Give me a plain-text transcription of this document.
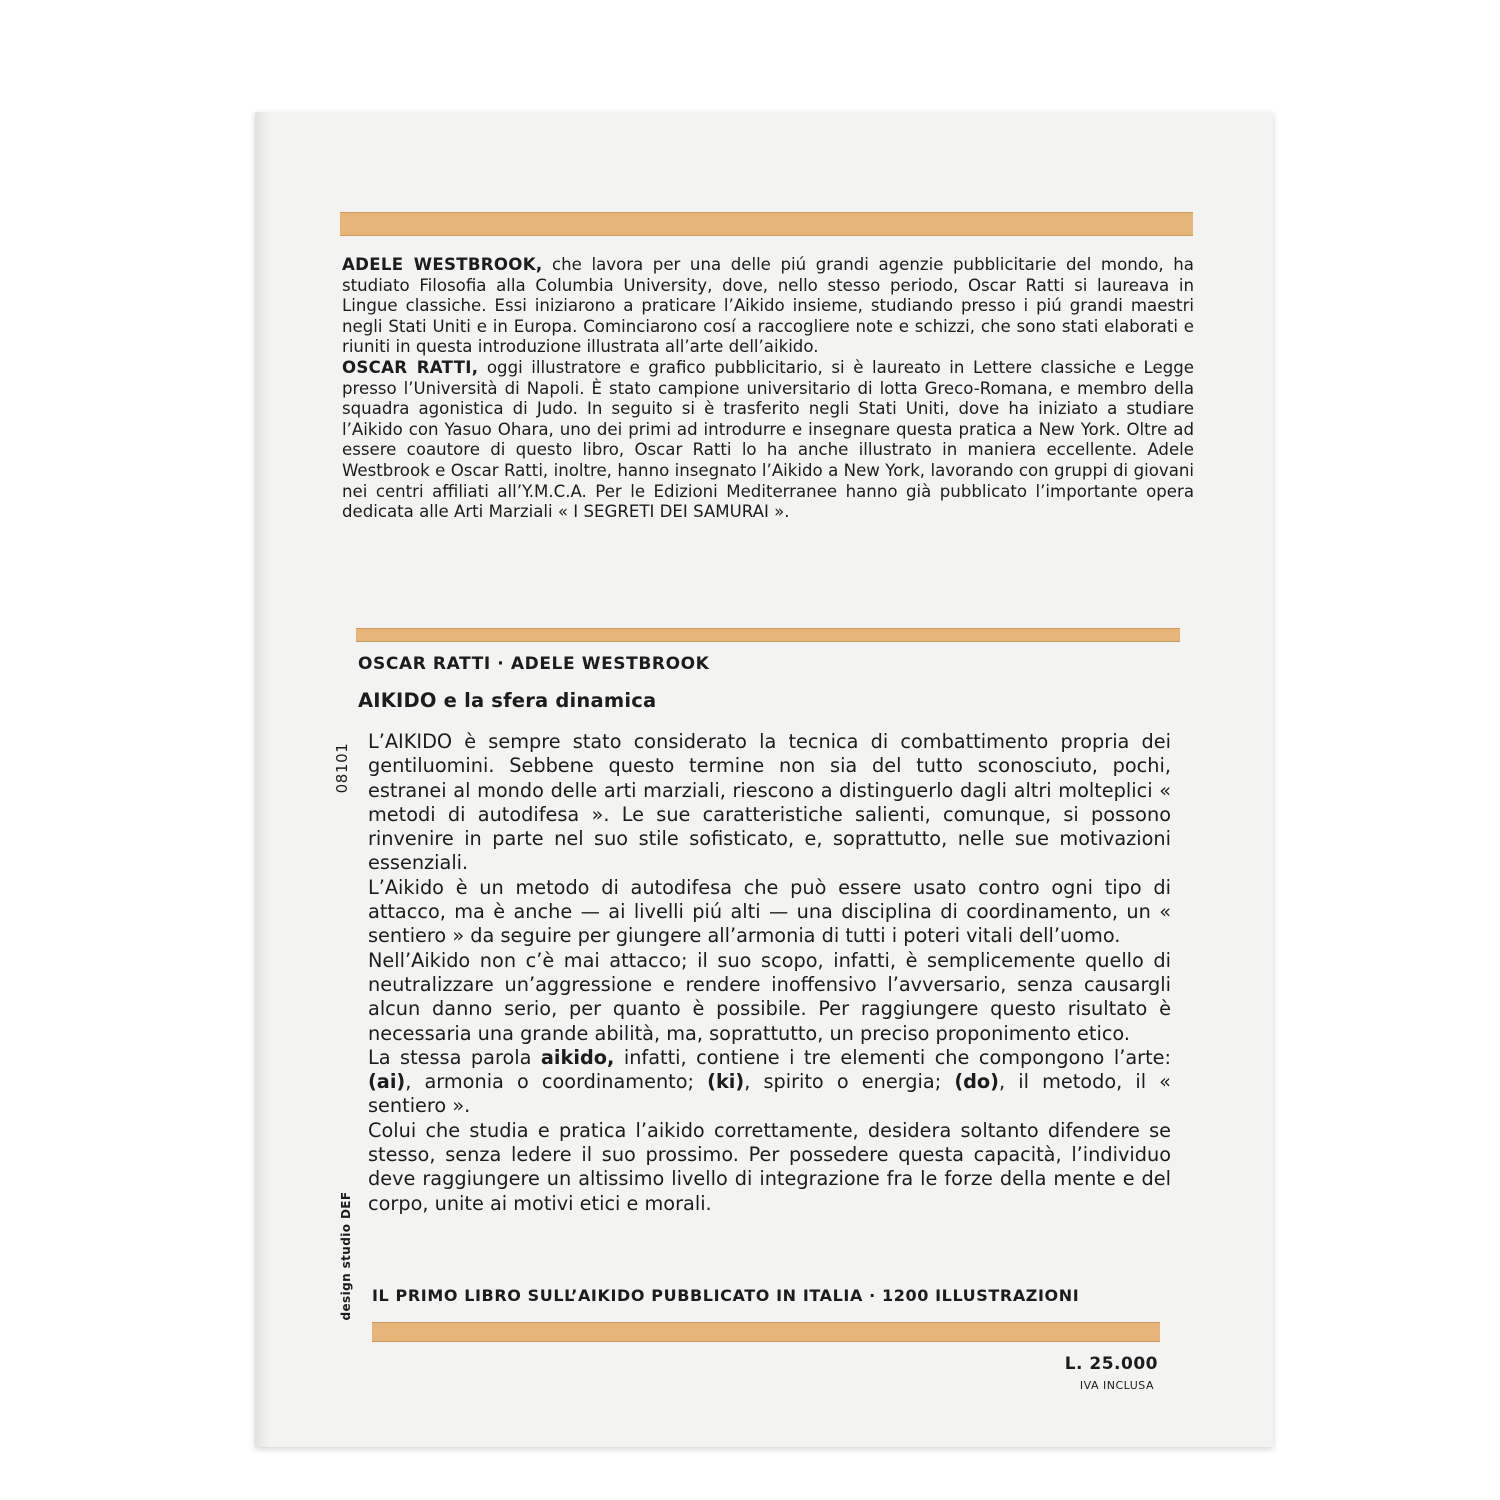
ADELE WESTBROOK, che lavora per una delle piú grandi agenzie pubblicitarie del mondo, ha studiato Filosofia alla Columbia University, dove, nello stesso periodo, Oscar Ratti si laureava in Lingue classiche. Essi iniziarono a praticare l’Aikido insieme, studiando presso i piú grandi maestri negli Stati Uniti e in Europa. Cominciarono cosí a raccogliere note e schizzi, che sono stati elaborati e riuniti in questa introduzione illustrata all’arte dell’aikido.

OSCAR RATTI, oggi illustratore e grafico pubblicitario, si è laureato in Lettere classiche e Legge presso l’Università di Napoli. È stato campione universitario di lotta Greco-Romana, e membro della squadra agonistica di Judo. In seguito si è trasferito negli Stati Uniti, dove ha iniziato a studiare l’Aikido con Yasuo Ohara, uno dei primi ad introdurre e insegnare questa pratica a New York. Oltre ad essere coautore di questo libro, Oscar Ratti lo ha anche illustrato in maniera eccellente. Adele Westbrook e Oscar Ratti, inoltre, hanno insegnato l’Aikido a New York, lavorando con gruppi di giovani nei centri affiliati all’Y.M.C.A. Per le Edizioni Mediterranee hanno già pubblicato l’importante opera dedicata alle Arti Marziali « I SEGRETI DEI SAMURAI ».

OSCAR RATTI · ADELE WESTBROOK
AIKIDO e la sfera dinamica
08101
design studio DEF

L’AIKIDO è sempre stato considerato la tecnica di combattimento propria dei gentiluomini. Sebbene questo termine non sia del tutto sconosciuto, pochi, estranei al mondo delle arti marziali, riescono a distinguerlo dagli altri molteplici « metodi di autodifesa ». Le sue caratteristiche salienti, comunque, si possono rinvenire in parte nel suo stile sofisticato, e, soprattutto, nelle sue motivazioni essenziali.

L’Aikido è un metodo di autodifesa che può essere usato contro ogni tipo di attacco, ma è anche — ai livelli piú alti — una disciplina di coordinamento, un « sentiero » da seguire per giungere all’armonia di tutti i poteri vitali dell’uomo.

Nell’Aikido non c’è mai attacco; il suo scopo, infatti, è semplicemente quello di neutralizzare un’aggressione e rendere inoffensivo l’avversario, senza causargli alcun danno serio, per quanto è possibile. Per raggiungere questo risultato è necessaria una grande abilità, ma, soprattutto, un preciso proponimento etico.

La stessa parola aikido, infatti, contiene i tre elementi che compongono l’arte: (ai), armonia o coordinamento; (ki), spirito o energia; (do), il metodo, il « sentiero ».

Colui che studia e pratica l’aikido correttamente, desidera soltanto difendere se stesso, senza ledere il suo prossimo. Per possedere questa capacità, l’individuo deve raggiungere un altissimo livello di integrazione fra le forze della mente e del corpo, unite ai motivi etici e morali.

IL PRIMO LIBRO SULL’AIKIDO PUBBLICATO IN ITALIA · 1200 ILLUSTRAZIONI
L. 25.000
IVA INCLUSA
